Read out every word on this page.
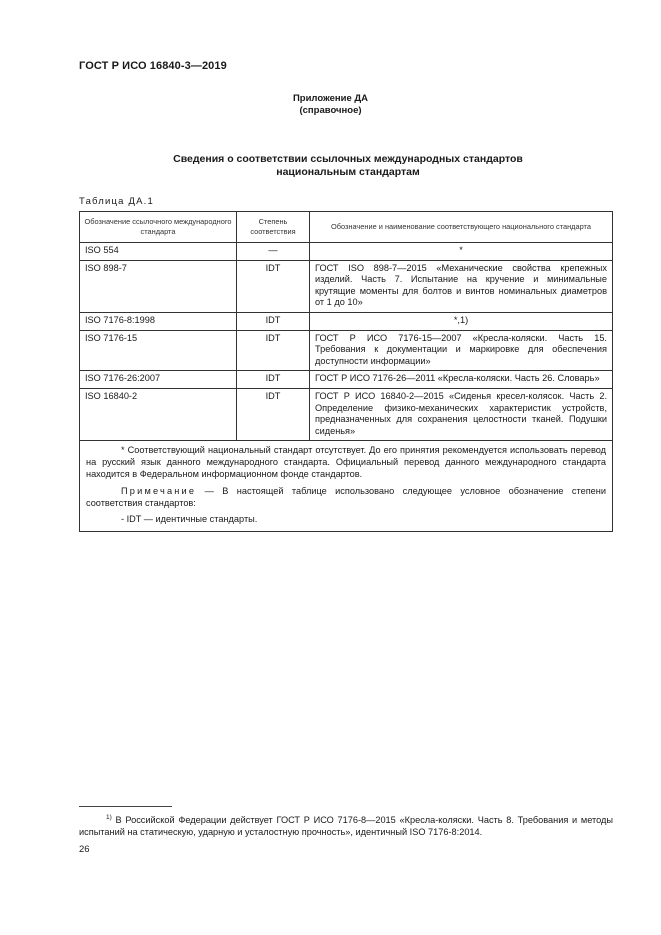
ГОСТ Р ИСО 16840-3—2019
Приложение ДА
(справочное)
Сведения о соответствии ссылочных международных стандартов
национальным стандартам
Таблица ДА.1
Обозначение ссылочного международного стандарта	Степень соответствия	Обозначение и наименование соответствующего национального стандарта
ISO 554	—	*
ISO 898-7	IDT	ГОСТ ISO 898-7—2015 «Механические свойства крепежных изделий. Часть 7. Испытание на кручение и минимальные крутящие моменты для болтов и винтов номинальных диаметров от 1 до 10»
ISO 7176-8:1998	IDT	*,1)
ISO 7176-15	IDT	ГОСТ Р ИСО 7176-15—2007 «Кресла-коляски. Часть 15. Требования к документации и маркировке для обеспечения доступности информации»
ISO 7176-26:2007	IDT	ГОСТ Р ИСО 7176-26—2011 «Кресла-коляски. Часть 26. Словарь»
ISO 16840-2	IDT	ГОСТ Р ИСО 16840-2—2015 «Сиденья кресел-колясок. Часть 2. Определение физико-механических характеристик устройств, предназначенных для сохранения целостности тканей. Подушки сиденья»

* Соответствующий национальный стандарт отсутствует. До его принятия рекомендуется использовать перевод на русский язык данного международного стандарта. Официальный перевод данного международного стандарта находится в Федеральном информационном фонде стандартов.

Примечание — В настоящей таблице использовано следующее условное обозначение степени соответствия стандартов:

- IDT — идентичные стандарты.		

$^{1)}$ В Российской Федерации действует ГОСТ Р ИСО 7176-8—2015 «Кресла-коляски. Часть 8. Требования и методы испытаний на статическую, ударную и усталостную прочность», идентичный ISO 7176-8:2014.

26
